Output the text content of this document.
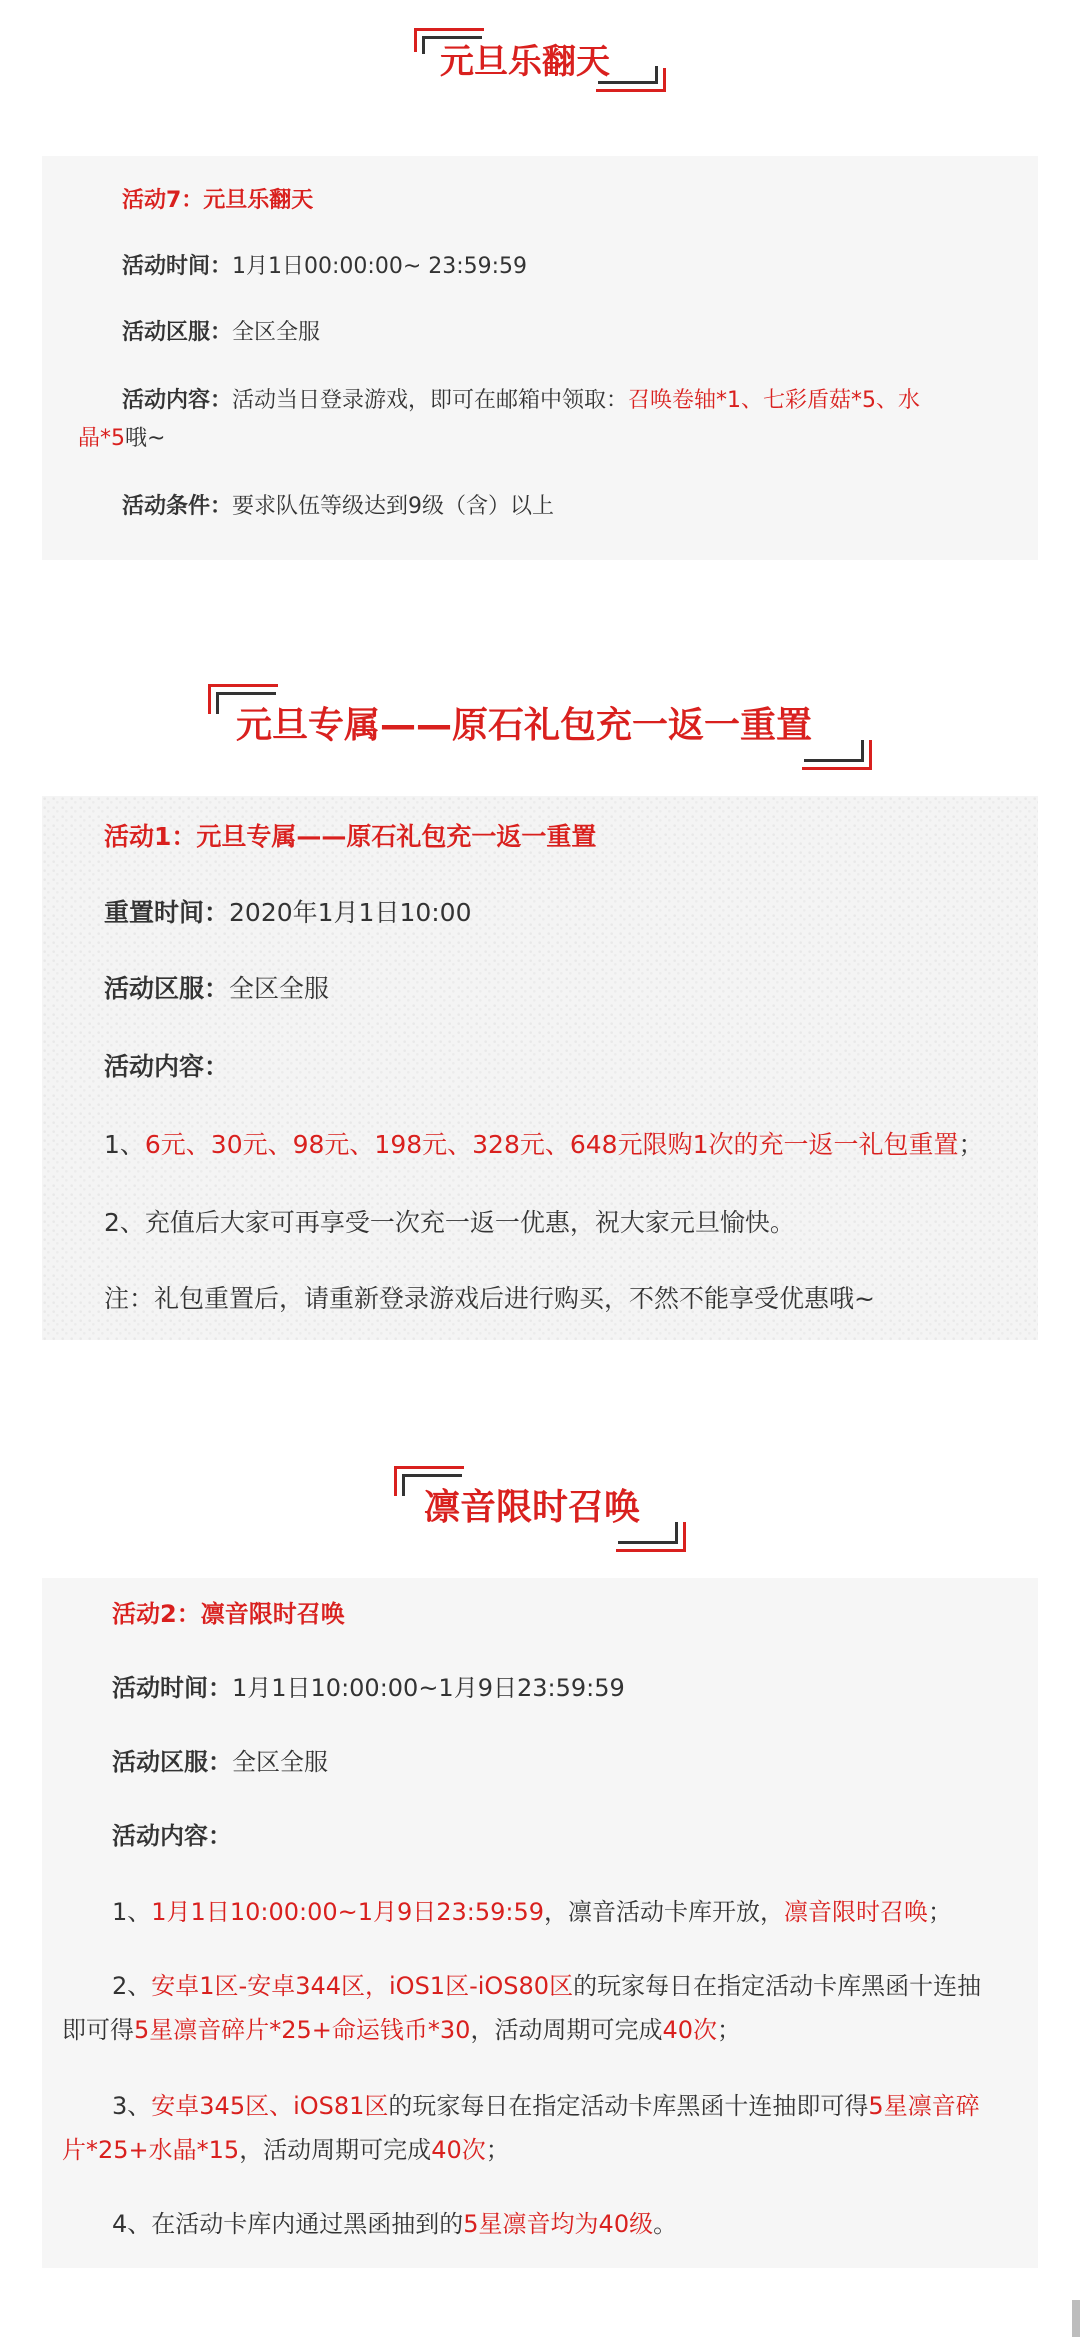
元旦乐翻天
活动7：元旦乐翻天
活动时间：1月1日00:00:00~ 23:59:59
活动区服：全区全服
活动内容：活动当日登录游戏，即可在邮箱中领取：召唤卷轴*1、七彩盾菇*5、水
晶*5哦~
活动条件：要求队伍等级达到9级（含）以上
元旦专属——原石礼包充一返一重置
活动1：元旦专属——原石礼包充一返一重置
重置时间：2020年1月1日10:00
活动区服：全区全服
活动内容：
1、6元、30元、98元、198元、328元、648元限购1次的充一返一礼包重置；
2、充值后大家可再享受一次充一返一优惠，祝大家元旦愉快。
注：礼包重置后，请重新登录游戏后进行购买，不然不能享受优惠哦~
凛音限时召唤
活动2：凛音限时召唤
活动时间：1月1日10:00:00~1月9日23:59:59
活动区服：全区全服
活动内容：
1、1月1日10:00:00~1月9日23:59:59，凛音活动卡库开放，凛音限时召唤；
2、安卓1区-安卓344区，iOS1区-iOS80区的玩家每日在指定活动卡库黑函十连抽
即可得5星凛音碎片*25+命运钱币*30，活动周期可完成40次；
3、安卓345区、iOS81区的玩家每日在指定活动卡库黑函十连抽即可得5星凛音碎
片*25+水晶*15，活动周期可完成40次；
4、在活动卡库内通过黑函抽到的5星凛音均为40级。
